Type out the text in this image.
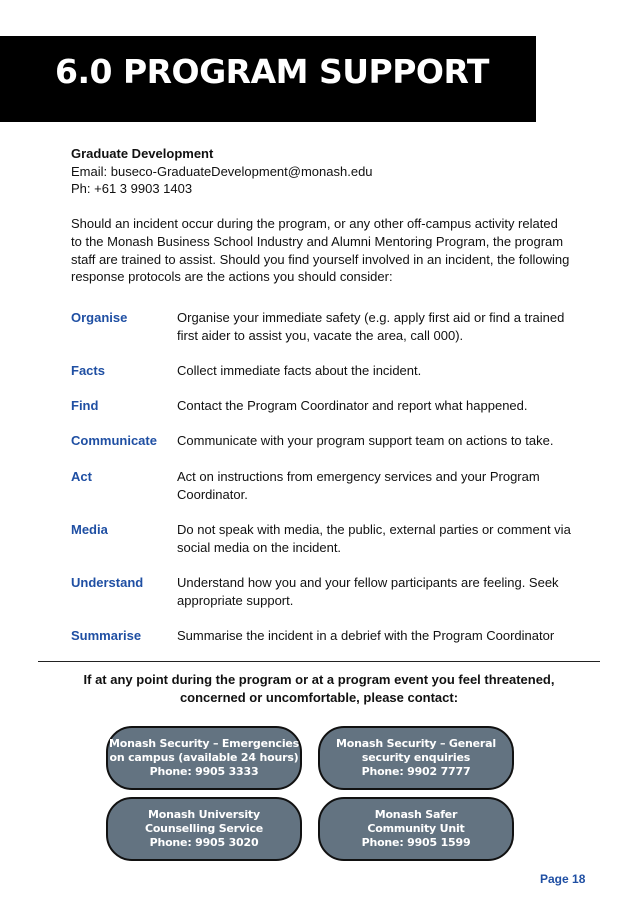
6.0 PROGRAM SUPPORT
Graduate Development
Email: buseco-GraduateDevelopment@monash.edu
Ph: +61 3 9903 1403

Should an incident occur during the program, or any other off-campus activity related to the Monash Business School Industry and Alumni Mentoring Program, the program staff are trained to assist. Should you find yourself involved in an incident, the following response protocols are the actions you should consider:

Organise	Organise your immediate safety (e.g. apply first aid or find a trained first aider to assist you, vacate the area, call 000).
Facts	Collect immediate facts about the incident.
Find	Contact the Program Coordinator and report what happened.
Communicate Communicate with your program support team on actions to take.
Act	Act on instructions from emergency services and your Program Coordinator.
Media	Do not speak with media, the public, external parties or comment via social media on the incident.
Understand	Understand how you and your fellow participants are feeling. Seek appropriate support.
Summarise	Summarise the incident in a debrief with the Program Coordinator

If at any point during the program or at a program event you feel threatened, concerned or uncomfortable, please contact:

Monash Security – Emergencies
on campus (available 24 hours)
Phone: 9905 3333
Monash Security – General
security enquiries
Phone: 9902 7777
Monash University
Counselling Service
Phone: 9905 3020
Monash Safer
Community Unit
Phone: 9905 1599
Page 18
